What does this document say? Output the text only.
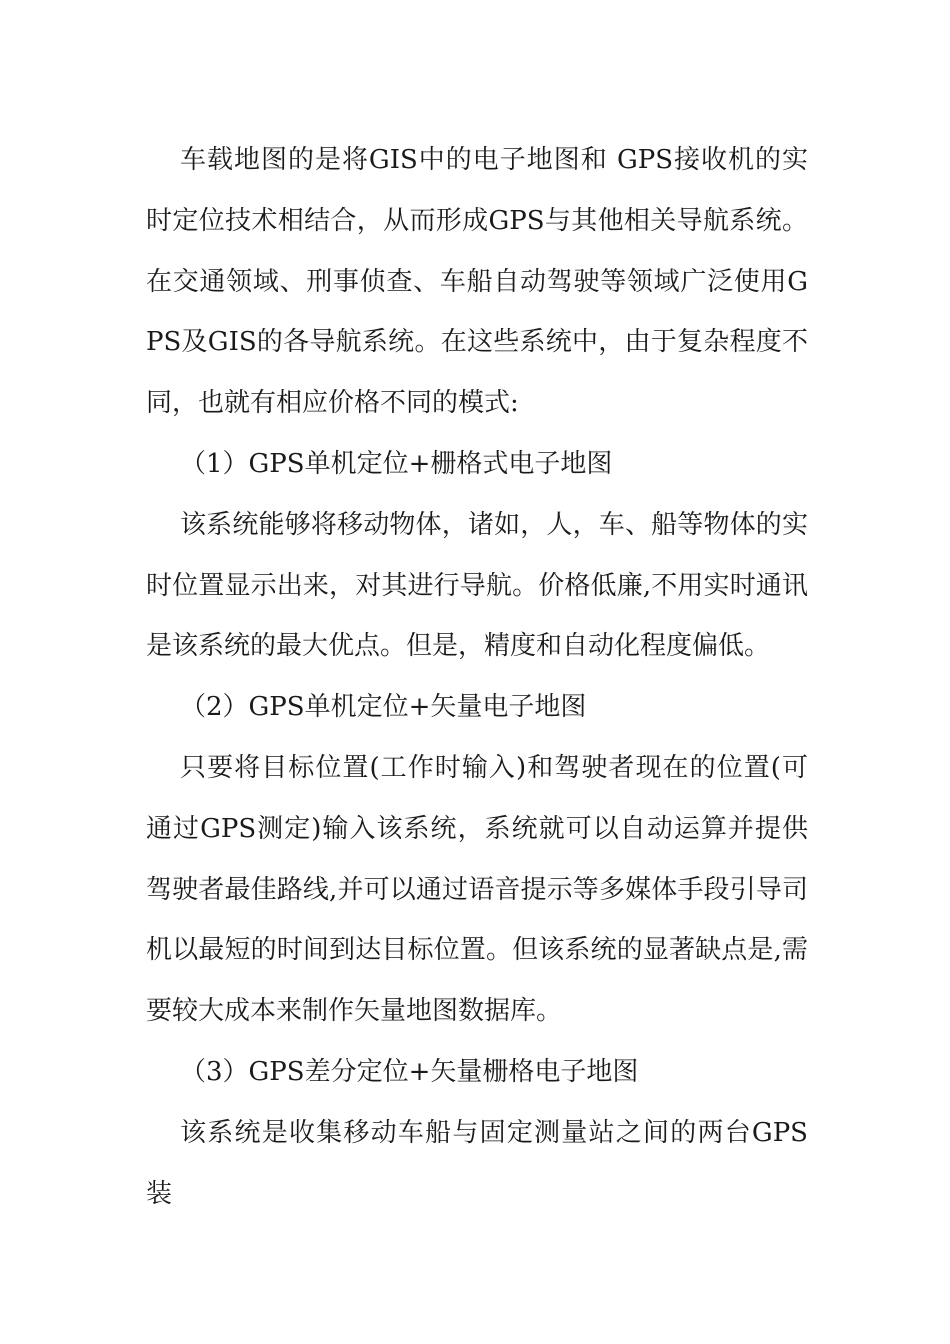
车载地图的是将GIS中的电子地图和 GPS接收机的实时定位技术相结合，从而形成GPS与其他相关导航系统。在交通领域、刑事侦查、车船自动驾驶等领域广泛使用GPS及GIS的各导航系统。在这些系统中，由于复杂程度不同，也就有相应价格不同的模式:

（1）GPS单机定位+栅格式电子地图

该系统能够将移动物体，诸如，人，车、船等物体的实时位置显示出来，对其进行导航。价格低廉,不用实时通讯是该系统的最大优点。但是，精度和自动化程度偏低。

（2）GPS单机定位+矢量电子地图

只要将目标位置(工作时输入)和驾驶者现在的位置(可通过GPS测定)输入该系统，系统就可以自动运算并提供驾驶者最佳路线,并可以通过语音提示等多媒体手段引导司机以最短的时间到达目标位置。但该系统的显著缺点是,需要较大成本来制作矢量地图数据库。

（3）GPS差分定位+矢量栅格电子地图

该系统是收集移动车船与固定测量站之间的两台GPS装
